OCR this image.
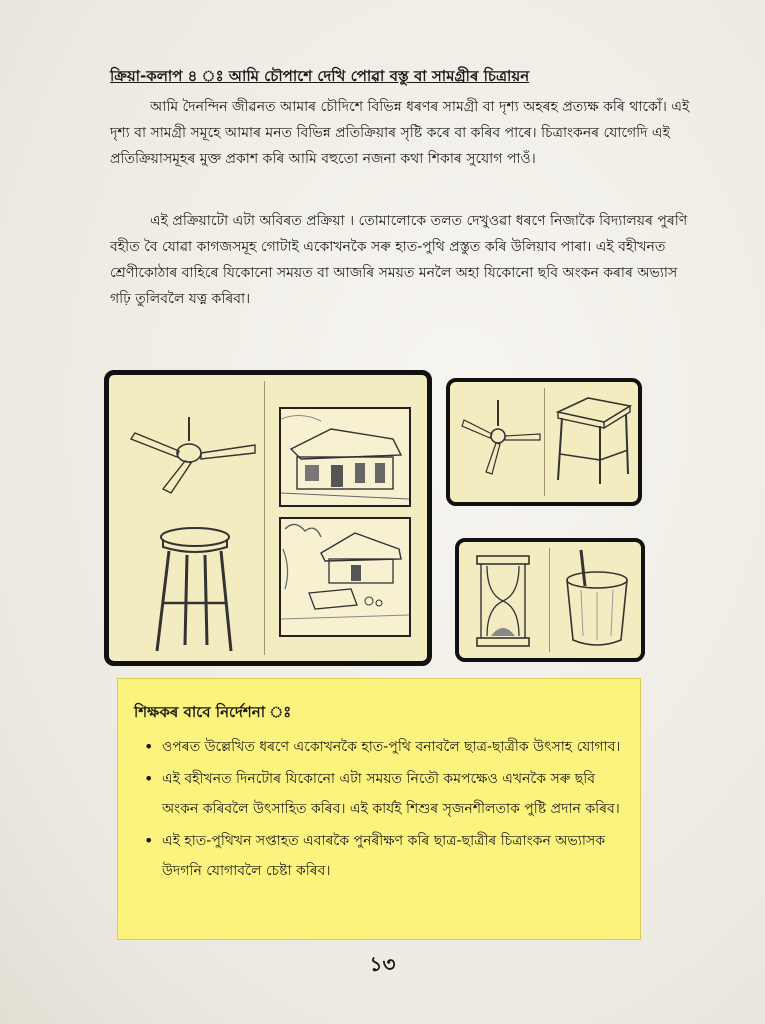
ক্ৰিয়া-কলাপ ৪ ঃ আমি চৌপাশে দেখি পোৱা বস্তু বা সামগ্ৰীৰ চিত্ৰায়ন

আমি দৈনন্দিন জীৱনত আমাৰ চৌদিশে বিভিন্ন ধৰণৰ সামগ্ৰী বা দৃশ্য অহৰহ প্ৰত্যক্ষ কৰি থাকোঁ। এই দৃশ্য বা সামগ্ৰী সমূহে আমাৰ মনত বিভিন্ন প্ৰতিক্ৰিয়াৰ সৃষ্টি কৰে বা কৰিব পাৰে। চিত্ৰাংকনৰ যোগেদি এই প্ৰতিক্ৰিয়াসমূহৰ মুক্ত প্ৰকাশ কৰি আমি বহুতো নজনা কথা শিকাৰ সুযোগ পাওঁ।

এই প্ৰক্ৰিয়াটো এটা অবিৰত প্ৰক্ৰিয়া । তোমালোকে তলত দেখুওৱা ধৰণে নিজাকৈ বিদ্যালয়ৰ পুৰণি বহীত বৈ যোৱা কাগজসমূহ গোটাই একোখনকৈ সৰু হাত-পুথি প্ৰস্তুত কৰি উলিয়াব পাৰা। এই বহীখনত শ্ৰেণীকোঠাৰ বাহিৰে যিকোনো সময়ত বা আজৰি সময়ত মনলৈ অহা যিকোনো ছবি অংকন কৰাৰ অভ্যাস গঢ়ি তুলিবলৈ যত্ন কৰিবা।

শিক্ষকৰ বাবে নিৰ্দেশনা ঃ

• ওপৰত উল্লেখিত ধৰণে একোখনকৈ হাত-পুথি বনাবলৈ ছাত্ৰ-ছাত্ৰীক উৎসাহ যোগাব।
• এই বহীখনত দিনটোৰ যিকোনো এটা সময়ত নিতৌ কমপক্ষেও এখনকৈ সৰু ছবি অংকন কৰিবলৈ উৎসাহিত কৰিব। এই কাৰ্যই শিশুৰ সৃজনশীলতাক পুষ্টি প্ৰদান কৰিব।
• এই হাত-পুথিখন সপ্তাহত এবাৰকৈ পুনৰীক্ষণ কৰি ছাত্ৰ-ছাত্ৰীৰ চিত্ৰাংকন অভ্যাসক উদগনি যোগাবলৈ চেষ্টা কৰিব।
১৩
